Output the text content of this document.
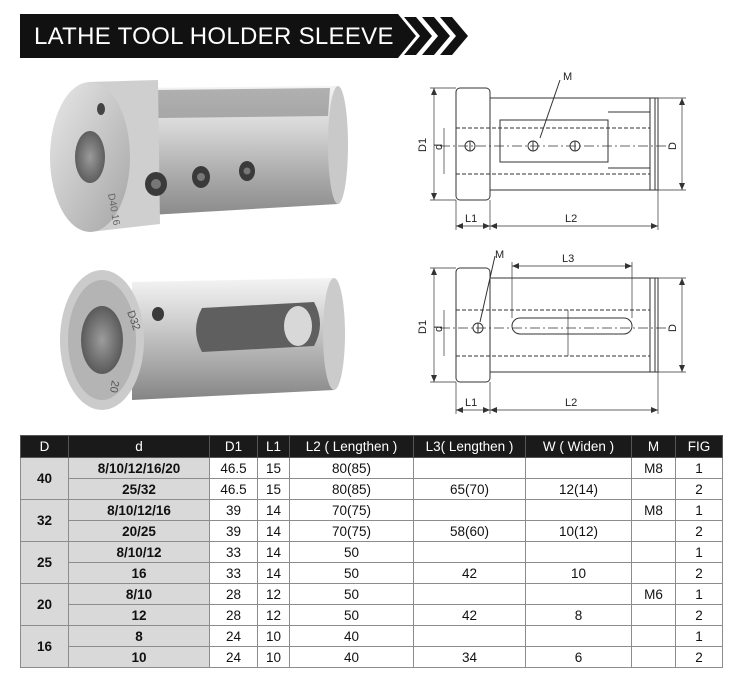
LATHE TOOL HOLDER SLEEVE
D40 16
D32
20
M
D1 d	D
L1	L2
M	L3
D1 d	D
L1	L2
D	d	D1	L1	L2 ( Lengthen )	L3( Lengthen )	W ( Widen )	M	FIG
40	8/10/12/16/20	46.5	15	80(85)			M8	1
	25/32	46.5	15	80(85)	65(70)	12(14)		2
32	8/10/12/16	39	14	70(75)			M8	1
	20/25	39	14	70(75)	58(60)	10(12)		2
25	8/10/12	33	14	50				1
	16	33	14	50	42	10		2
20	8/10	28	12	50			M6	1
	12	28	12	50	42	8		2
16	8	24	10	40				1
	10	24	10	40	34	6		2
